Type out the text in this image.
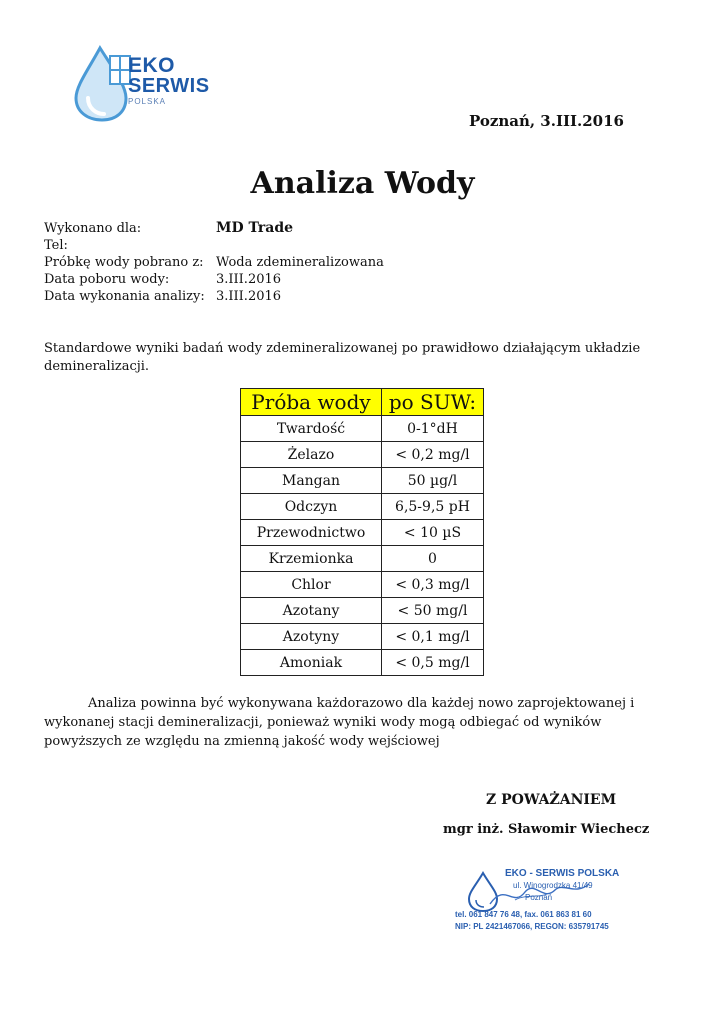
EKO
SERWIS
POLSKA
Poznań, 3.III.2016
Analiza Wody
Wykonano dla:	MD Trade
Tel:
Próbkę wody pobrano z: Woda zdemineralizowana
Data poboru wody:	3.III.2016
Data wykonania analizy: 3.III.2016
Standardowe wyniki badań wody zdemineralizowanej po prawidłowo działającym układzie demineralizacji.
Próba wody	po SUW:
Twardość	0-1°dH
Żelazo	< 0,2 mg/l
Mangan	50 µg/l
Odczyn	6,5-9,5 pH
Przewodnictwo	< 10 µS
Krzemionka	0
Chlor	< 0,3 mg/l
Azotany	< 50 mg/l
Azotyny	< 0,1 mg/l
Amoniak	< 0,5 mg/l
Analiza powinna być wykonywana każdorazowo dla każdej nowo zaprojektowanej i wykonanej stacji demineralizacji, ponieważ wyniki wody mogą odbiegać od wyników powyższych ze względu na zmienną jakość wody wejściowej
Z POWAŻANIEM
mgr inż. Sławomir Wiechecz
EKO - SERWIS POLSKA
ul. Winogrodzka 41/49
Poznań
tel. 061 847 76 48, fax. 061 863 81 60
NIP: PL 2421467066, REGON: 635791745
